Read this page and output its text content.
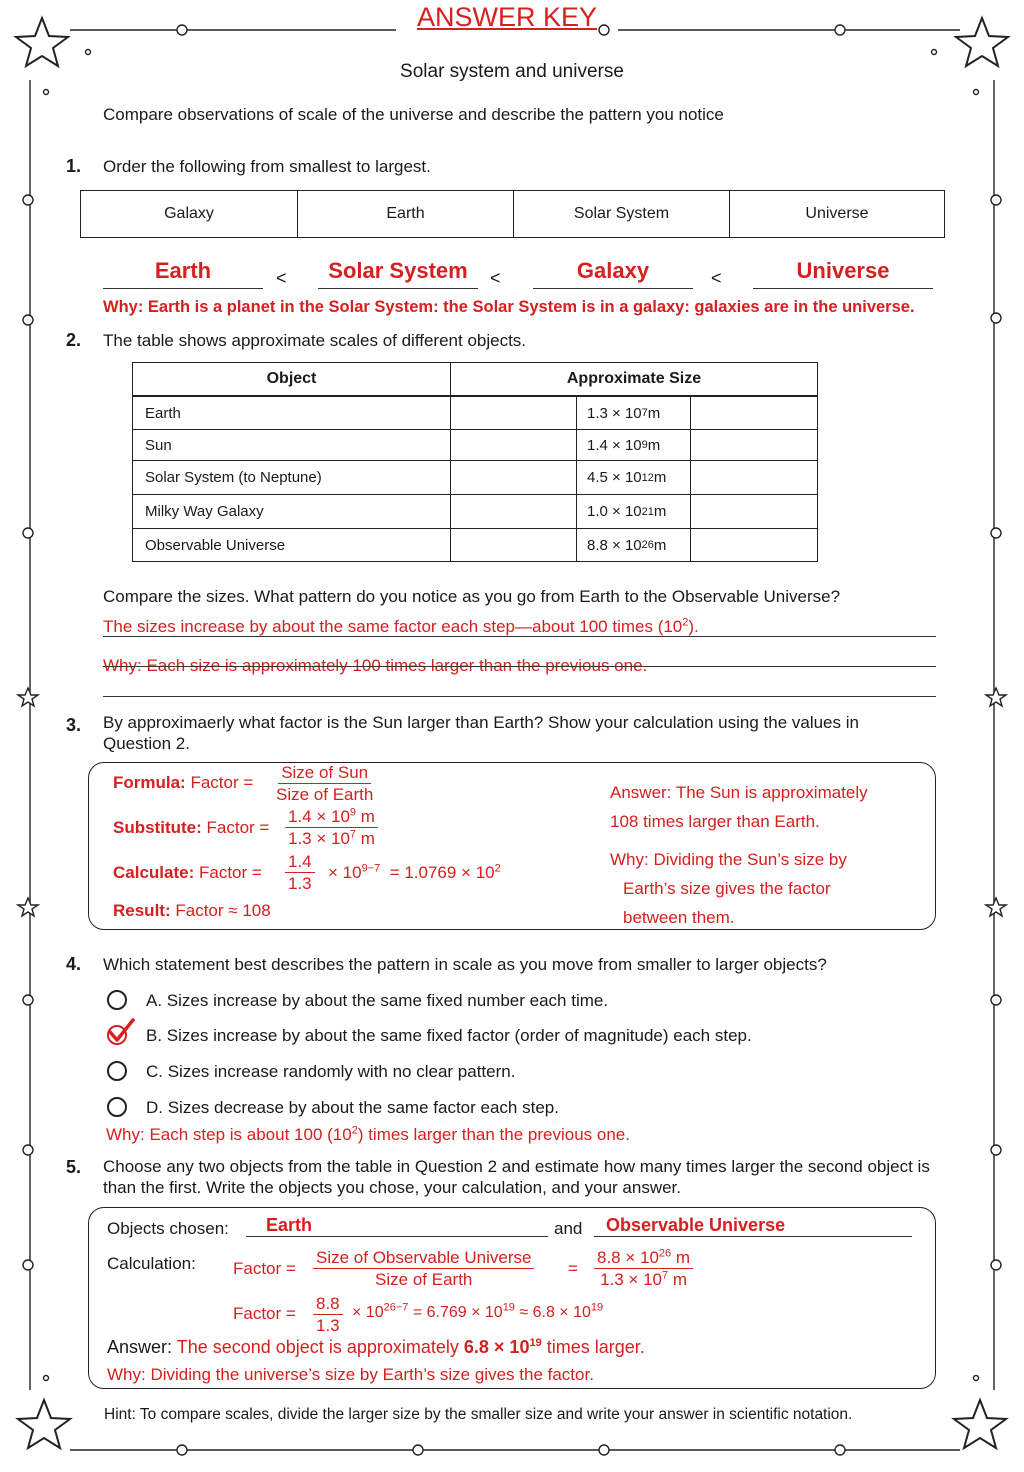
ANSWER KEY
Solar system and universe
Compare observations of scale of the universe and describe the pattern you notice
1. Order the following from smallest to largest.
Galaxy	Earth	Solar System	Universe
Earth	<	Solar System	<	Galaxy	<	Universe
Why: Earth is a planet in the Solar System: the Solar System is in a galaxy: galaxies are in the universe.
2. The table shows approximate scales of different objects.
Object	Approximate Size
Earth	1.3 × 10 7 m
Sun	1.4 × 10 9 m
Solar System (to Neptune)	4.5 × 10 12 m
Milky Way Galaxy	1.0 × 10 21 m
Observable Universe	8.8 × 10 26 m
Compare the sizes. What pattern do you notice as you go from Earth to the Observable Universe?
The sizes increase by about the same factor each step—about 100 times $(10^2)$.
Why: Each size is approximately 100 times larger than the previous one.
3. By approximaerly what factor is the Sun larger than Earth? Show your calculation using the values in Question 2.
Formula: Factor =
Size of Sun
Size of Earth
Substitute: Factor = $\frac{1.4 \times 10^9 m}{1.3 \times 10^7 m}$
Calculate: Factor = $\frac{1.4}{1.3} \times 10^{9-7} = 1.0769 \times 10^2$
Result: Factor ≈ 108
Answer: The Sun is approximately
108 times larger than Earth.
Why: Dividing the Sun’s size by
Earth’s size gives the factor
between them.
4. Which statement best describes the pattern in scale as you move from smaller to larger objects?
A. Sizes increase by about the same fixed number each time.
B. Sizes increase by about the same fixed factor (order of magnitude) each step.
C. Sizes increase randomly with no clear pattern.
D. Sizes decrease by about the same factor each step.
Why: Each step is about 100 $(10^2)$ times larger than the previous one.
5. Choose any two objects from the table in Question 2 and estimate how many times larger the second object is than the first. Write the objects you chose, your calculation, and your answer.
Objects chosen: Earth	and Observable Universe
Calculation: Factor =
Size of Observable Universe
Size of Earth
= $\frac{8.8 \times 10^{26} m}{1.3 \times 10^7 m}$
Factor = $\frac{8.8}{1.3} \times 10^{26-7} = 6.769 \times 10^{19} \approx 6.8 \times 10^{19}$
Answer: The second object is approximately $6.8 \times 10^{19}$ times larger.
Why: Dividing the universe’s size by Earth’s size gives the factor.
Hint: To compare scales, divide the larger size by the smaller size and write your answer in scientific notation.
